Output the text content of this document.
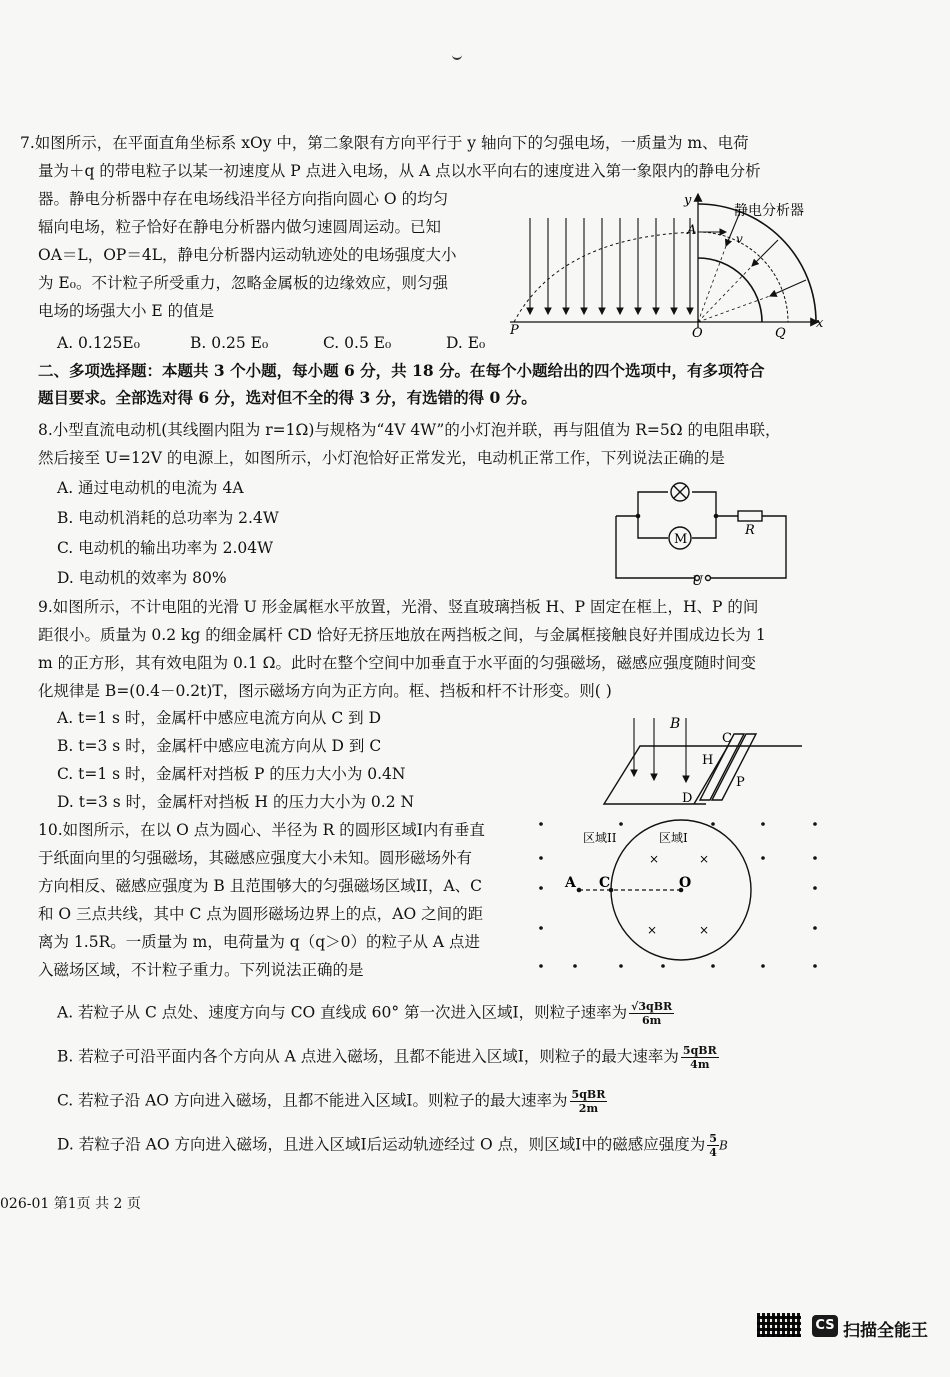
7.如图所示，在平面直角坐标系 xOy 中，第二象限有方向平行于 y 轴向下的匀强电场，一质量为 m、电荷
量为＋q 的带电粒子以某一初速度从 P 点进入电场，从 A 点以水平向右的速度进入第一象限内的静电分析
器。静电分析器中存在电场线沿半径方向指向圆心 O 的均匀
辐向电场，粒子恰好在静电分析器内做匀速圆周运动。已知
OA＝L，OP＝4L，静电分析器内运动轨迹处的电场强度大小
为 E₀。不计粒子所受重力，忽略金属板的边缘效应，则匀强
电场的场强大小 E 的值是
A. 0.125E₀	B. 0.25 E₀	C. 0.5 E₀	D. E₀
y
静电分析器
A
v
P	O	Q
x
二、多项选择题：本题共 3 个小题，每小题 6 分，共 18 分。在每个小题给出的四个选项中，有多项符合
题目要求。全部选对得 6 分，选对但不全的得 3 分，有选错的得 0 分。
8.小型直流电动机(其线圈内阻为 r=1Ω)与规格为“4V 4W”的小灯泡并联，再与阻值为 R=5Ω 的电阻串联，
然后接至 U=12V 的电源上，如图所示，小灯泡恰好正常发光，电动机正常工作，下列说法正确的是
A. 通过电动机的电流为 4A
B. 电动机消耗的总功率为 2.4W
C. 电动机的输出功率为 2.04W
D. 电动机的效率为 80%
M
R
U
9.如图所示，不计电阻的光滑 U 形金属框水平放置，光滑、竖直玻璃挡板 H、P 固定在框上，H、P 的间
距很小。质量为 0.2 kg 的细金属杆 CD 恰好无挤压地放在两挡板之间，与金属框接触良好并围成边长为 1
m 的正方形，其有效电阻为 0.1 Ω。此时在整个空间中加垂直于水平面的匀强磁场，磁感应强度随时间变
化规律是 B=(0.4－0.2t)T，图示磁场方向为正方向。框、挡板和杆不计形变。则( )
A. t=1 s 时，金属杆中感应电流方向从 C 到 D
B. t=3 s 时，金属杆中感应电流方向从 D 到 C
C. t=1 s 时，金属杆对挡板 P 的压力大小为 0.4N
D. t=3 s 时，金属杆对挡板 H 的压力大小为 0.2 N
B
C
H
P
D
10.如图所示，在以 O 点为圆心、半径为 R 的圆形区域I内有垂直
于纸面向里的匀强磁场，其磁感应强度大小未知。圆形磁场外有
方向相反、磁感应强度为 B 且范围够大的匀强磁场区域II，A、C
和 O 三点共线，其中 C 点为圆形磁场边界上的点，AO 之间的距
离为 1.5R。一质量为 m，电荷量为 q（q＞0）的粒子从 A 点进
入磁场区域，不计粒子重力。下列说法正确的是
×	×
×	×
区域II	区域I
A C	O
A. 若粒子从 C 点处、速度方向与 CO 直线成 60° 第一次进入区域I，则粒子速率为 $\frac{\text{√3qBR}}{6m}$
B. 若粒子可沿平面内各个方向从 A 点进入磁场，且都不能进入区域I，则粒子的最大速率为 $\frac{\text{5qBR}}{4m}$
C. 若粒子沿 AO 方向进入磁场，且都不能进入区域I。则粒子的最大速率为 $\frac{\text{5qBR}}{2m}$
D. 若粒子沿 AO 方向进入磁场，且进入区域I后运动轨迹经过 O 点，则区域I中的磁感应强度为 $\frac{5}{4}$ B
026-01 第1页 共 2 页
CS 扫描全能王
